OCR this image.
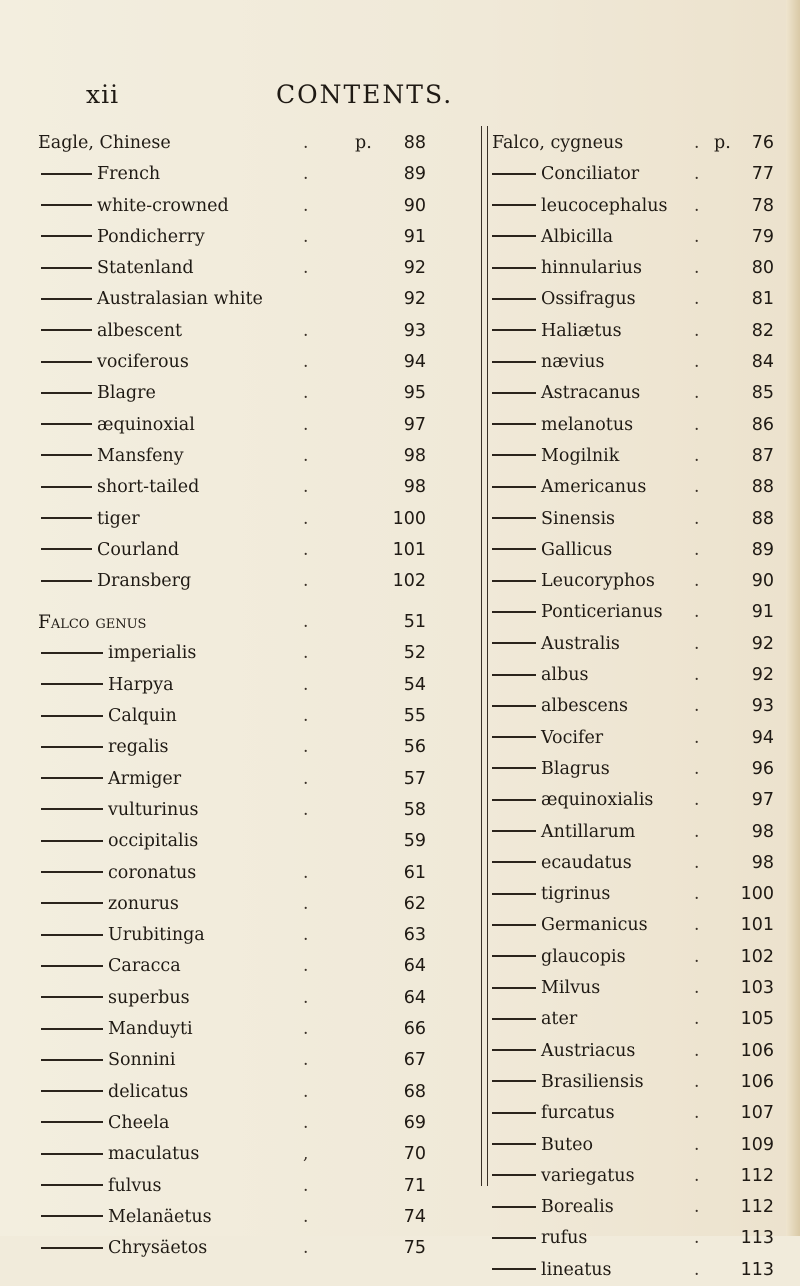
xii	CONTENTS.
Eagle, Chinese	.	p.	88
French	.	89
white-crowned	.	90
Pondicherry	.	91
Statenland	.	92
Australasian white	92
albescent	.	93
vociferous	.	94
Blagre	.	95
æquinoxial	.	97
Mansfeny	.	98
short-tailed	.	98
tiger	.	100
Courland	.	101
Dransberg	.	102
Falco genus	.	51
imperialis	.	52
Harpya	.	54
Calquin	.	55
regalis	.	56
Armiger	.	57
vulturinus	.	58
occipitalis	59
coronatus	.	61
zonurus	.	62
Urubitinga	.	63
Caracca	.	64
superbus	.	64
Manduyti	.	66
Sonnini	.	67
delicatus	.	68
Cheela	.	69
maculatus	,	70
fulvus	.	71
Melanäetus	.	74
Chrysäetos	.	75
Falco, cygneus	. p.	76
Conciliator	.	77
leucocephalus .	78
Albicilla	.	79
hinnularius	.	80
Ossifragus	.	81
Haliætus	.	82
nævius	.	84
Astracanus	.	85
melanotus	.	86
Mogilnik	.	87
Americanus	.	88
Sinensis	.	88
Gallicus	.	89
Leucoryphos .	90
Ponticerianus .	91
Australis	.	92
albus	.	92
albescens	.	93
Vocifer	.	94
Blagrus	.	96
æquinoxialis .	97
Antillarum	.	98
ecaudatus	.	98
tigrinus	.	100
Germanicus	.	101
glaucopis	.	102
Milvus	.	103
ater	.	105
Austriacus	.	106
Brasiliensis	.	106
furcatus	.	107
Buteo	.	109
variegatus	.	112
Borealis	.	112
rufus	.	113
lineatus	.	113
